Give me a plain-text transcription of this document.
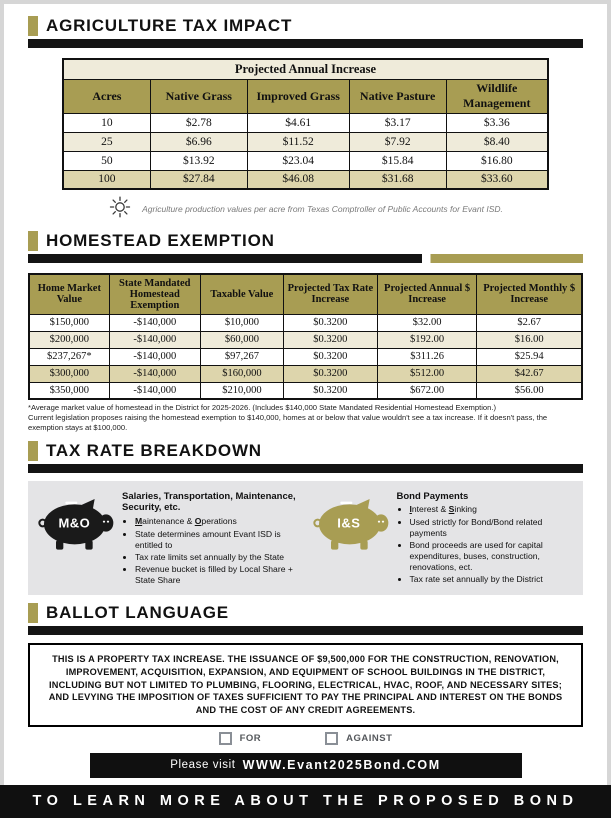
AGRICULTURE TAX IMPACT
Projected Annual Increase				
Acres	Native Grass	Improved Grass	Native Pasture	Wildlife Management
10	$2.78	$4.61	$3.17	$3.36
25	$6.96	$11.52	$7.92	$8.40
50	$13.92	$23.04	$15.84	$16.80
100	$27.84	$46.08	$31.68	$33.60
Agriculture production values per acre from Texas Comptroller of Public Accounts for Evant ISD.
HOMESTEAD EXEMPTION
Home Market Value	State Mandated Homestead Exemption	Taxable Value	Projected Tax Rate Increase	Projected Annual $ Increase	Projected Monthly $ Increase
$150,000	-$140,000	$10,000	$0.3200	$32.00	$2.67
$200,000	-$140,000	$60,000	$0.3200	$192.00	$16.00
$237,267*	-$140,000	$97,267	$0.3200	$311.26	$25.94
$300,000	-$140,000	$160,000	$0.3200	$512.00	$42.67
$350,000	-$140,000	$210,000	$0.3200	$672.00	$56.00
*Average market value of homestead in the District for 2025-2026. (Includes $140,000 State Mandated Residential Homestead Exemption.)
Current legislation proposes raising the homestead exemption to $140,000, homes at or below that value wouldn't see a tax increase. If it doesn't pass, the exemption stays at $100,000.
TAX RATE BREAKDOWN
M&O
Salaries, Transportation, Maintenance, Security, etc.
• Maintenance & Operations
• State determines amount Evant ISD is entitled to
• Tax rate limits set annually by the State
• Revenue bucket is filled by Local Share + State Share
I&S
Bond Payments
• Interest & Sinking
• Used strictly for Bond/Bond related payments
• Bond proceeds are used for capital expenditures, buses, construction, renovations, ect.
• Tax rate set annually by the District
BALLOT LANGUAGE
THIS IS A PROPERTY TAX INCREASE. THE ISSUANCE OF $9,500,000 FOR THE CONSTRUCTION, RENOVATION, IMPROVEMENT, ACQUISITION, EXPANSION, AND EQUIPMENT OF SCHOOL BUILDINGS IN THE DISTRICT, INCLUDING BUT NOT LIMITED TO PLUMBING, FLOORING, ELECTRICAL, HVAC, ROOF, AND NECESSARY SITES; AND LEVYING THE IMPOSITION OF TAXES SUFFICIENT TO PAY THE PRINCIPAL AND INTEREST ON THE BONDS AND THE COST OF ANY CREDIT AGREEMENTS.
FOR	AGAINST
Please visit WWW.Evant2025Bond.COM
TO LEARN MORE ABOUT THE PROPOSED BOND
